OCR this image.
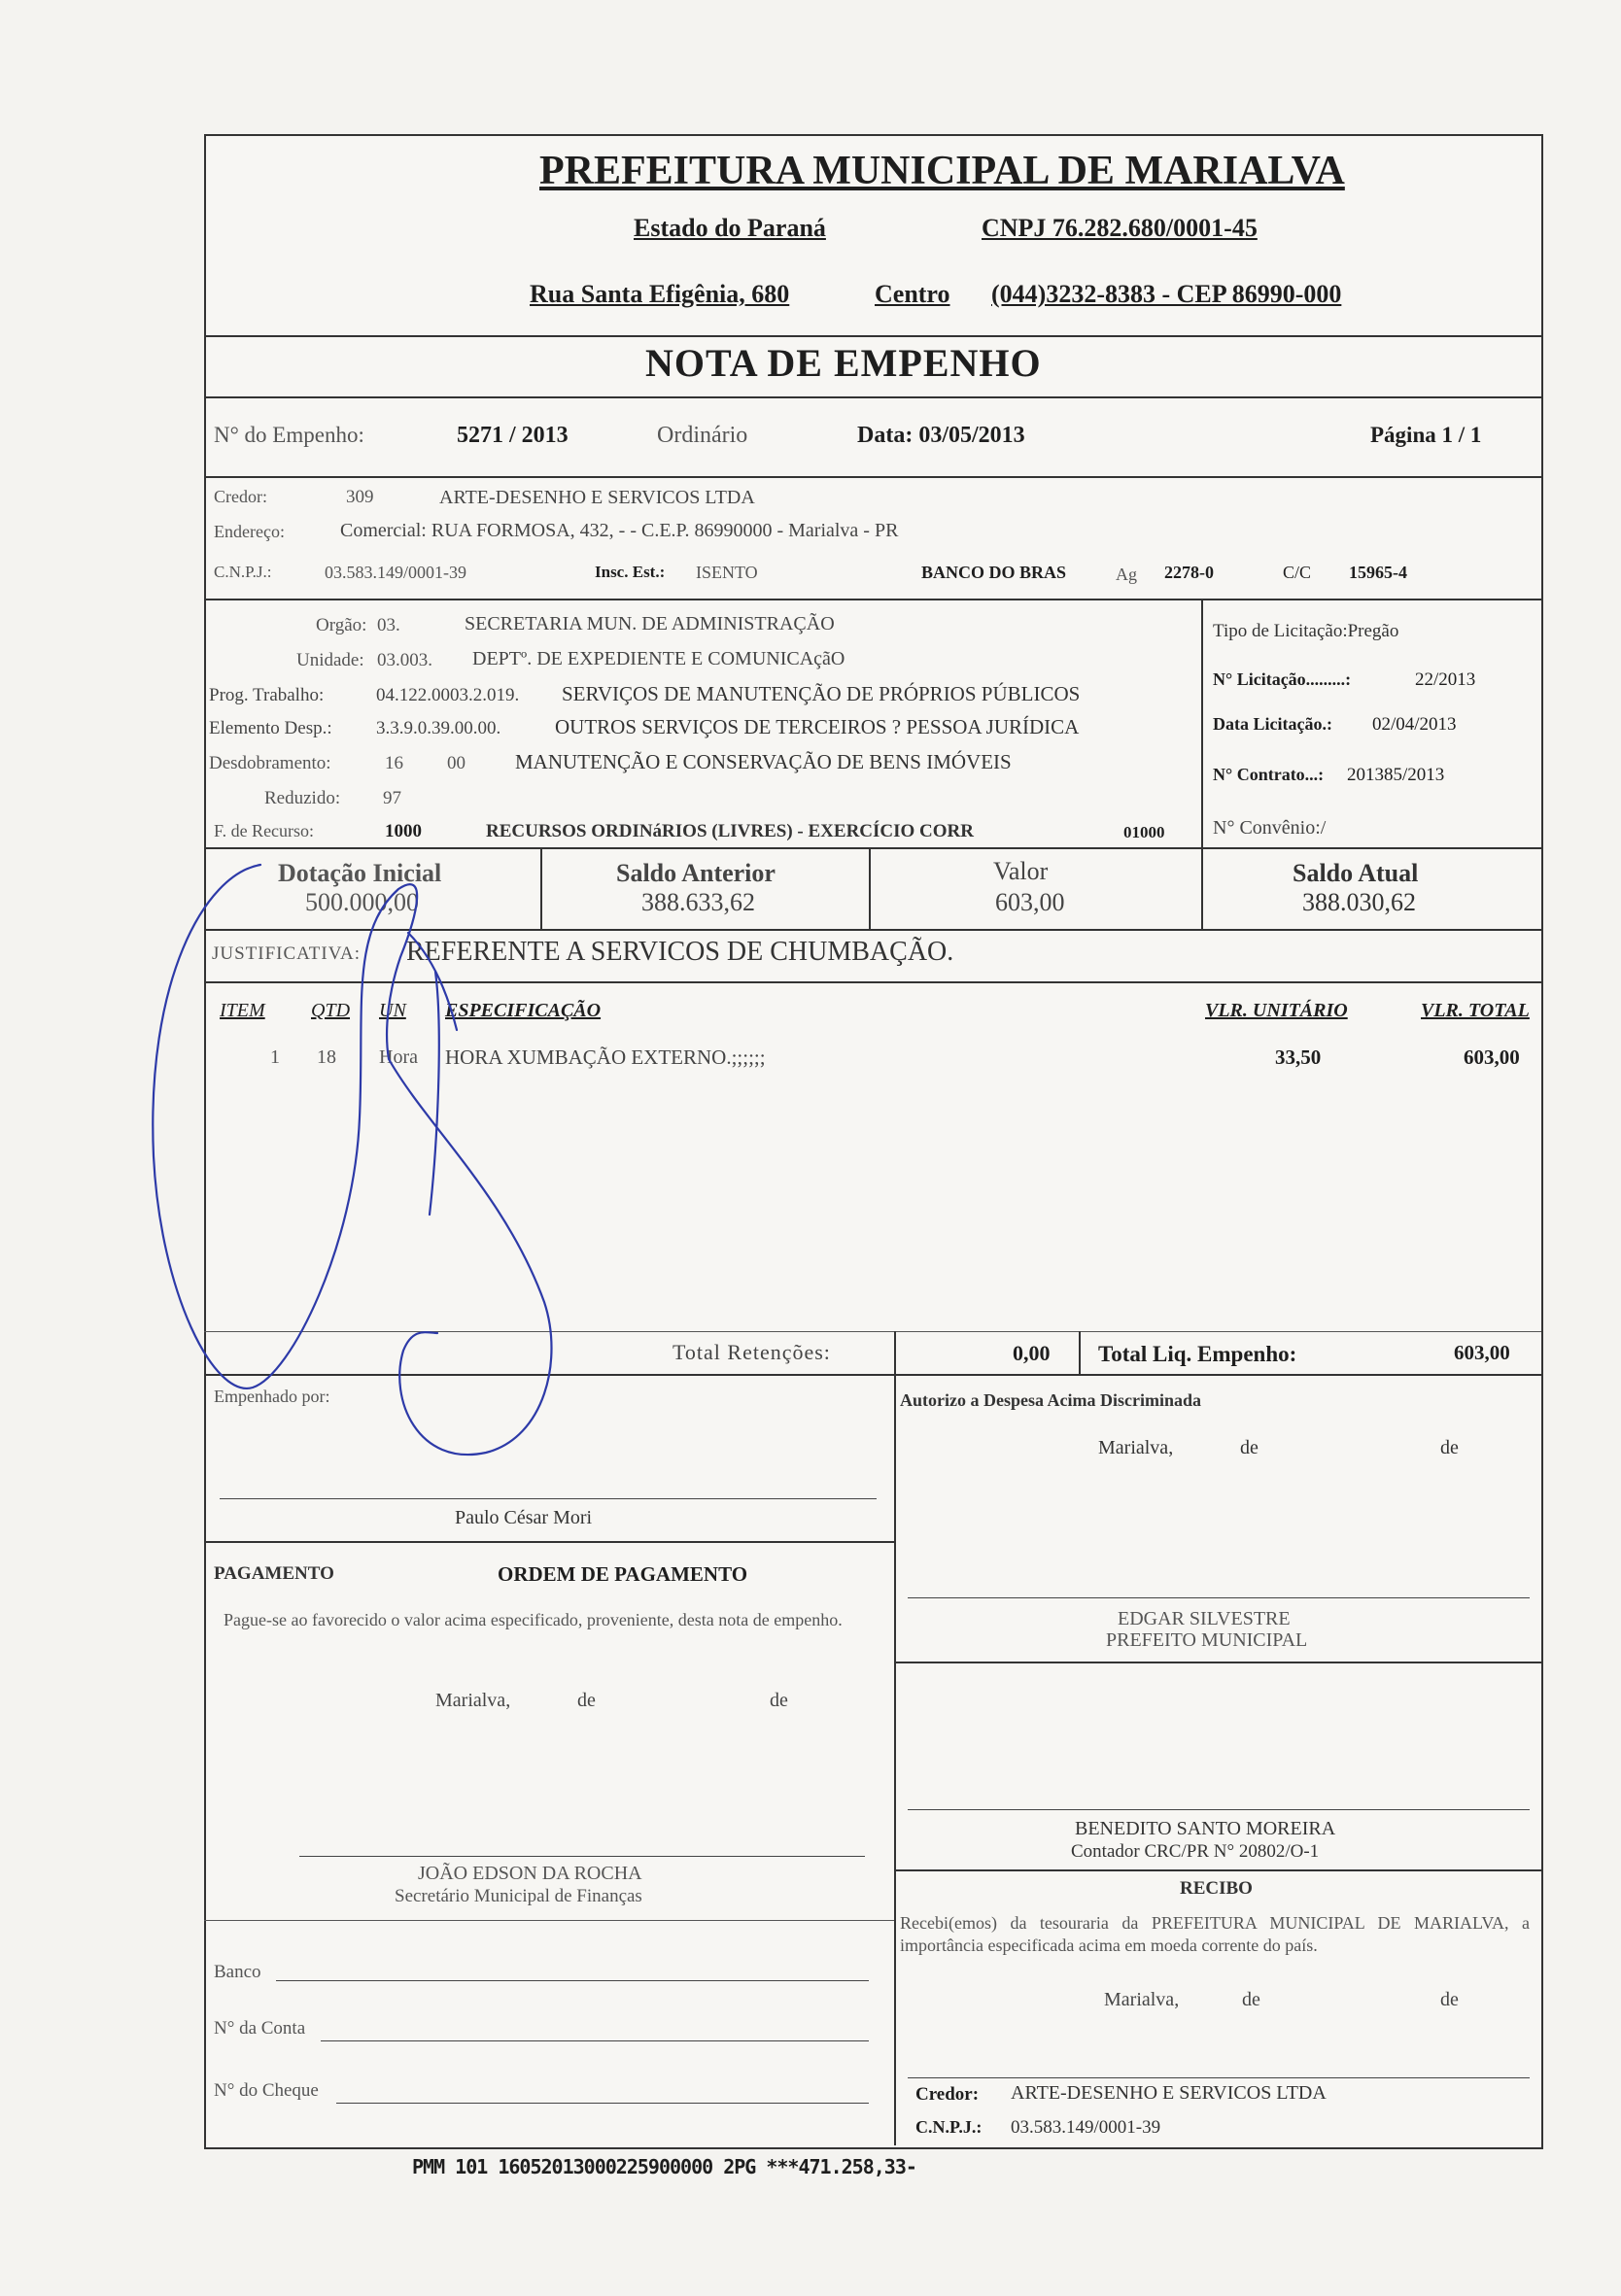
PREFEITURA MUNICIPAL DE MARIALVA
Estado do Paraná	CNPJ 76.282.680/0001-45
Rua Santa Efigênia, 680	Centro (044)3232-8383 - CEP 86990-000
NOTA DE EMPENHO
N° do Empenho:	5271 / 2013	Ordinário	Data: 03/05/2013	Página 1 / 1
Credor:	309	ARTE-DESENHO E SERVICOS LTDA
Endereço:	Comercial: RUA FORMOSA, 432, - - C.E.P. 86990000 - Marialva - PR
C.N.P.J.:	03.583.149/0001-39	Insc. Est.: ISENTO	BANCO DO BRAS	Ag 2278-0	C/C 15965-4
Orgão: 03.	SECRETARIA MUN. DE ADMINISTRAÇÃO
Unidade: 03.003. DEPTº. DE EXPEDIENTE E COMUNICAçãO
Prog. Trabalho:	04.122.0003.2.019. SERVIÇOS DE MANUTENÇÃO DE PRÓPRIOS PÚBLICOS
Elemento Desp.: 3.3.9.0.39.00.00.	OUTROS SERVIÇOS DE TERCEIROS ? PESSOA JURÍDICA
Desdobramento:	16 00 MANUTENÇÃO E CONSERVAÇÃO DE BENS IMÓVEIS
Reduzido: 97
F. de Recurso:	1000	RECURSOS ORDINáRIOS (LIVRES) - EXERCÍCIO CORR	01000
Tipo de Licitação:Pregão
N° Licitação.........:	22/2013
Data Licitação.: 02/04/2013
N° Contrato...: 201385/2013
N° Convênio:/
Dotação Inicial
500.000,00
Saldo Anterior
388.633,62
Valor
603,00
Saldo Atual
388.030,62
JUSTIFICATIVA: REFERENTE A SERVICOS DE CHUMBAÇÃO.
ITEM QTD UN ESPECIFICAÇÃO	VLR. UNITÁRIO	VLR. TOTAL
1 18 Hora HORA XUMBAÇÃO EXTERNO.;;;;;;	33,50	603,00
Total Retenções:	0,00 Total Liq. Empenho:	603,00
Empenhado por:
Paulo César Mori
Autorizo a Despesa Acima Discriminada
Marialva,	de	de
EDGAR SILVESTRE
PREFEITO MUNICIPAL
PAGAMENTO	ORDEM DE PAGAMENTO
Pague-se ao favorecido o valor acima especificado, proveniente, desta nota de empenho.
Marialva,	de	de
JOÃO EDSON DA ROCHA
Secretário Municipal de Finanças
BENEDITO SANTO MOREIRA
Contador CRC/PR N° 20802/O-1
RECIBO
Recebi(emos) da tesouraria da PREFEITURA MUNICIPAL DE MARIALVA, a importância especificada acima em moeda corrente do país.
Marialva,	de	de
Banco
N° da Conta
N° do Cheque	Credor: ARTE-DESENHO E SERVICOS LTDA
C.N.P.J.: 03.583.149/0001-39
PMM 101 16052013000225900000 2PG ***471.258,33-
